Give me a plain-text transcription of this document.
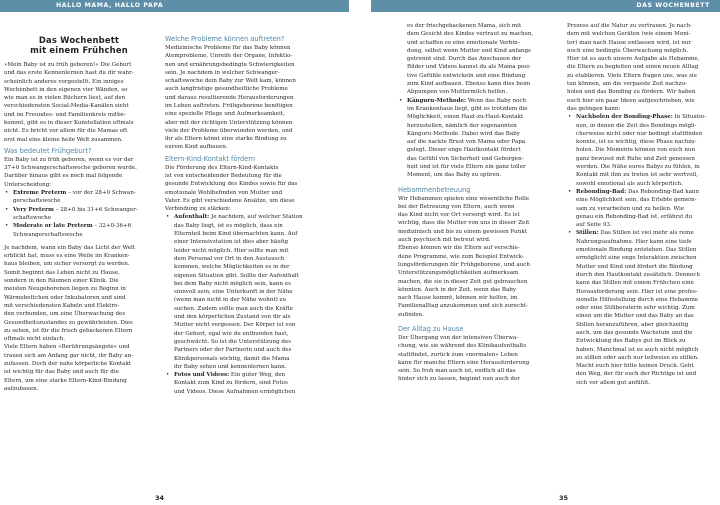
HALLO MAMA, HALLO PAPA	DAS WOCHENBETT
Das Wochenbett
mit einem Frühchen

»Mein Baby ist zu früh geboren!« Die Geburt
und das erste Kennenlernen hast du dir wahr-
scheinlich anderes vorgestellt. Ein inniges
Wochenbett in den eigenen vier Wänden, so
wie man es in vielen Büchern liest, auf den
verschiedensten Social-Media-Kanälen sieht
und im Freundes- und Familienkreis mitbe-
kommt, gibt es in dieser Konstellation oftmals
nicht. Es bricht vor allem für die Mamas oft
erst mal eine kleine heile Welt zusammen.

Was bedeutet Frühgeburt?

Ein Baby ist zu früh geboren, wenn es vor der
37+0 Schwangerschaftswoche geboren wurde.
Darüber hinaus gibt es noch mal folgende
Unterscheidung:

• Extreme Preterm – vor der 28+0 Schwan-
gerschaftswoche
• Very Preterm – 28+0 bis 31+6 Schwanger-
schaftswoche
• Moderate or late Preterm – 32+0-36+6
Schwangerschaftswoche

Je nachdem, wann ein Baby das Licht der Welt
erblickt hat, muss es eine Weile im Kranken-
haus bleiben, um sicher versorgt zu werden.
Somit beginnt das Leben nicht zu Hause,
sondern in den Räumen einer Klinik. Die
meisten Neugeborenen liegen zu Beginn in
Wärmebettchen oder Inkubatoren und sind
mit verschiedensten Kabeln und Elektro-
den verbunden, um eine Überwachung des
Gesundheitszustandes zu gewährleisten. Dies
zu sehen, ist für die frisch gebackenen Eltern
oftmals nicht einfach.
Viele Eltern haben »Berührungsängste« und
trauen sich am Anfang gar nicht, ihr Baby an-
zufassen. Doch der nahe körperliche Kontakt
ist wichtig für das Baby und auch für die
Eltern, um eine starke Eltern-Kind-Bindung
aufzubauen.

Welche Probleme können auftreten?

Medizinische Probleme für das Baby können
Atemprobleme, Unreife der Organe, Infektio-
nen und ernährungsbedingte Schwierigkeiten
sein. Je nachdem in welcher Schwanger-
schaftswoche dein Baby zur Welt kam, können
auch langfristige gesundheitliche Probleme
und daraus resultierende Herausforderungen
im Leben auftreten. Frühgeborene benötigen
eine spezielle Pflege und Aufmerksamkeit,
aber mit der richtigen Unterstützung können
viele der Probleme überwunden werden, und
ihr als Eltern könnt eine starke Bindung zu
eurem Kind aufbauen.

Eltern-Kind-Kontakt fördern

Die Förderung des Eltern-Kind-Kontakts
ist von entscheidender Bedeutung für die
gesunde Entwicklung des Kindes sowie für das
emotionale Wohlbefinden von Mutter und
Vater. Es gibt verschiedene Ansätze, um diese
Verbindung zu stärken:

• Aufenthalt: Je nachdem, auf welcher Station
das Baby liegt, ist es möglich, dass ein
Elternteil beim Kind übernachten kann. Auf
einer Intensivstation ist dies aber häufig
leider nicht möglich. Hier sollte man mit
dem Personal vor Ort in den Austausch
kommen, welche Möglichkeiten es in der
eigenen Situation gibt. Sollte der Aufenthalt
bei dem Baby nicht möglich sein, kann es
sinnvoll sein, eine Unterkunft in der Nähe
(wenn man nicht in der Nähe wohnt) zu
suchen. Zudem sollte man auch die Kräfte
und den körperlichen Zustand von dir als
Mutter nicht vergessen. Der Körper ist von
der Geburt, egal wie du entbunden hast,
geschwächt. So ist die Unterstützung des
Partners oder der Partnerin und auch des
Klinikpersonals wichtig, damit die Mama
ihr Baby sehen und kennenlernen kann.
• Fotos und Videos: Ein guter Weg, den
Kontakt zum Kind zu fördern, sind Fotos
und Videos. Diese Aufnahmen ermöglichen

es der frischgebackenen Mama, sich mit
dem Gesicht des Kindes vertraut zu machen,
und schaffen so eine emotionale Verbin-
dung, selbst wenn Mutter und Kind anfangs
getrennt sind. Durch das Anschauen der
Bilder und Videos kannst du als Mama posi-
tive Gefühle entwickeln und eine Bindung
zum Kind aufbauen. Ebenso kann dies beim
Abpumpen von Muttermilch helfen.

• Känguru-Methode: Wenn das Baby noch
im Krankenhaus liegt, gibt es trotzdem die
Möglichkeit, einen Haut-zu-Haut-Kontakt
herzustellen, nämlich der sogenannten
Känguru-Methode. Dabei wird das Baby
auf die nackte Brust von Mama oder Papa
gelegt. Dieser enge Hautkontakt fördert
das Gefühl von Sicherheit und Geborgen-
heit und ist für viele Eltern ein ganz toller
Moment, um das Baby zu spüren.
Hebammenbetreuung

Wir Hebammen spielen eine wesentliche Rolle
bei der Betreuung von Eltern, auch wenn
das Kind nicht vor Ort versorgt wird. Es ist
wichtig, dass die Mutter von uns in dieser Zeit
medizinisch und bis zu einem gewissen Punkt
auch psychisch mit betreut wird.
Ebenso können wir die Eltern auf verschie-
dene Programme, wie zum Beispiel Entwick-
lungsförderungen für Frühgeborene, und auch
Unterstützungsmöglichkeiten aufmerksam
machen, die sie in dieser Zeit gut gebrauchen
könnten. Auch in der Zeit, wenn das Baby
nach Hause kommt, können wir helfen, im
Familienalltag anzukommen und sich zurecht-
zufinden.

Der Alltag zu Hause

Der Übergang von der intensiven Überwa-
chung, wie sie während des Klinikaufenthalts
stattfindet, zurück zum »normalen« Leben
kann für manche Eltern eine Herausforderung
sein. So froh man auch ist, endlich all das
hinter sich zu lassen, beginnt nun auch der

Prozess auf die Natur zu vertrauen. Je nach-
dem mit welchen Geräten (wie einem Moni-
tor) man nach Hause entlassen wird, ist nur
noch eine bedingte Überwachung möglich.
Hier ist es auch unsere Aufgabe als Hebamme,
die Eltern zu begleiten und einen neuen Alltag
zu etablieren. Viele Eltern fragen uns, was sie
tun können, um die verpasste Zeit nachzu-
holen und das Bonding zu fördern. Wir haben
euch hier ein paar Ideen aufgeschrieben, wie
das gelingen kann:

• Nachholen der Bonding-Phase: In Situatio-
nen, in denen die Zeit des Bondings mögli-
cherweise nicht oder nur bedingt stattfinden
konnte, ist es wichtig, diese Phase nachzu-
holen. Die Momente können von euch nun
ganz bewusst mit Ruhe und Zeit genossen
werden. Die Nähe eures Babys zu fühlen, in
Kontakt mit ihm zu treten ist sehr wertvoll,
sowohl emotional als auch körperlich.
• Rebonding-Bad: Das Rebonding-Bad kann
eine Möglichkeit sein, das Erlebte gemein-
sam zu verarbeiten und zu heilen. Wie
genau ein Rebonding-Bad ist, erfährst du
auf Seite 93.
• Stillen: Das Stillen ist viel mehr als reine
Nahrungsaufnahme. Hier kann eine tiefe
emotionale Bindung entstehen. Das Stillen
ermöglicht eine enge Interaktion zwischen
Mutter und Kind und fördert die Bindung
durch den Hautkontakt zusätzlich. Dennoch
kann das Stillen mit einem Frühchen eine
Herausforderung sein. Hier ist eine profes-
sionelle Hilfestellung durch eine Hebamme
oder eine Stillberaterin sehr wichtig. Zum
einen um die Mutter und das Baby an das
Stillen heranzuführen, aber gleichzeitig
auch, um das gesunde Wachstum und die
Entwicklung des Babys gut im Blick zu
haben. Manchmal ist es auch nicht möglich
zu stillen oder auch nur teilweise zu stillen.
Macht euch hier bitte keinen Druck. Geht
den Weg, der für euch der Richtige ist und
sich vor allem gut anfühlt.
34	35
